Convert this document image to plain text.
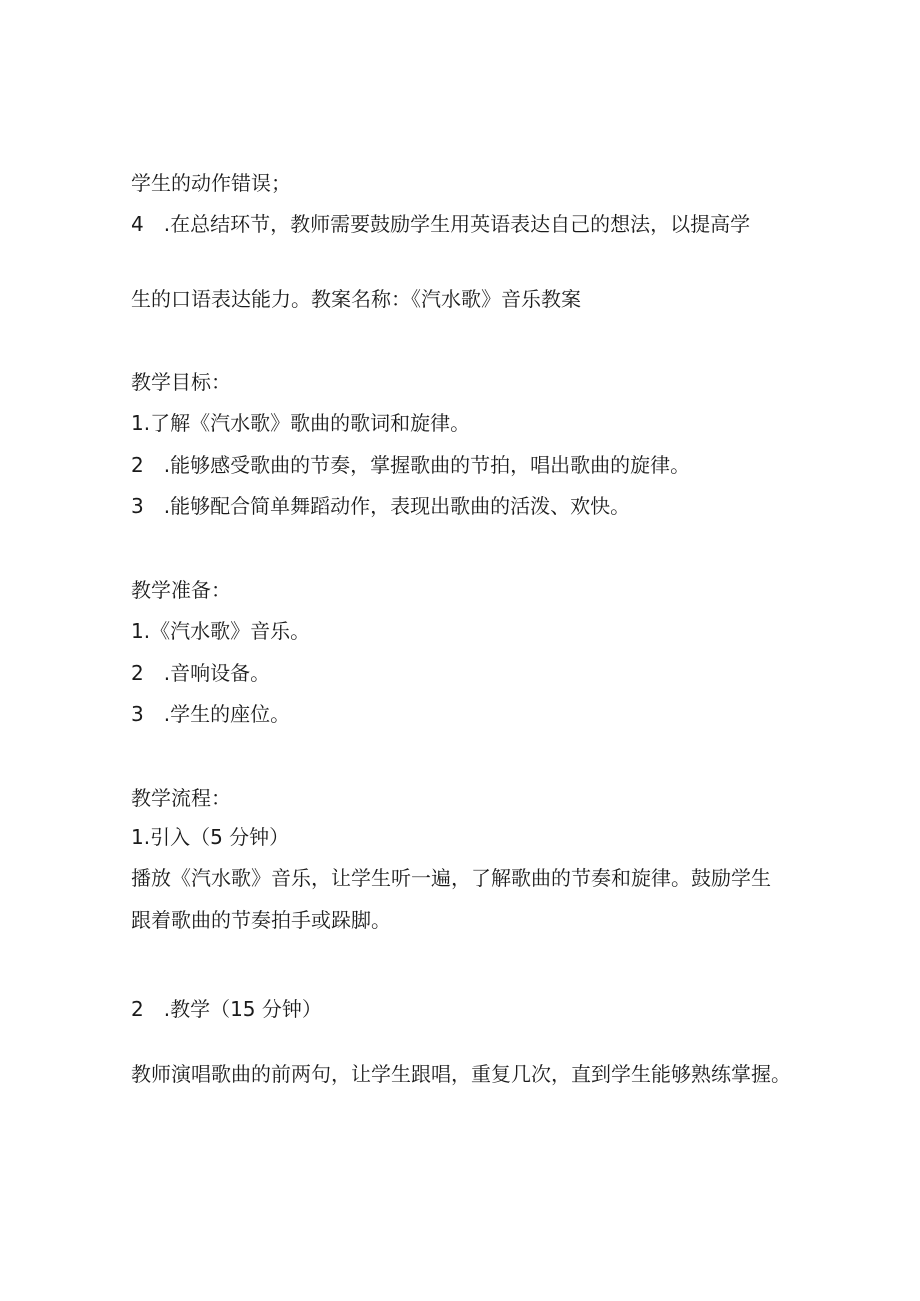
学生的动作错误；
4　.在总结环节，教师需要鼓励学生用英语表达自己的想法，以提高学
生的口语表达能力。教案名称：《汽水歌》音乐教案
教学目标：
1.了解《汽水歌》歌曲的歌词和旋律。
2　.能够感受歌曲的节奏，掌握歌曲的节拍，唱出歌曲的旋律。
3　.能够配合简单舞蹈动作，表现出歌曲的活泼、欢快。
教学准备：
1.《汽水歌》音乐。
2　.音响设备。
3　.学生的座位。
教学流程：
1.引入（5 分钟）
播放《汽水歌》音乐，让学生听一遍，了解歌曲的节奏和旋律。鼓励学生
跟着歌曲的节奏拍手或跺脚。
2　.教学（15 分钟）
教师演唱歌曲的前两句，让学生跟唱，重复几次，直到学生能够熟练掌握。
